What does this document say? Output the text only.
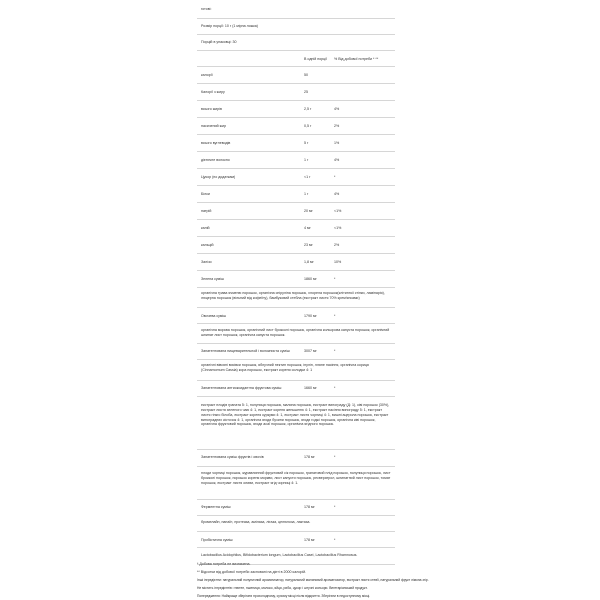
готові:
Розмір порції: 10 г (1 мірна ложка)
Порцій в упаковці: 30
В одній порції % Від добової потреби * **
калорії	50
Калорії з жиру	25
всього жирів	2,5 г	4%
насичений жир	0,5 г	2%
всього вуглеводів	5 г	1%
дієтичне волокно	1 г	4%
Цукор (по додаткам)	<1 г	*
Білки	1 г	4%
натрій	20 мг	<1%
калій	4 мг	<1%
кальцій	23 мг	2%
Залізо	1,8 мг	10%
Зелена суміш	1860 мг	*
органічна трава ячменю порошок, органічна спіруліна порошок, хлорела порошок(клітинної стінки, ламінарія), люцерна порошок (вільний від кофеїну), бамбуковий стебла (екстракт листя 70% крем'янками)
Овочева суміш	1790 мг	*
органічна морква порошок, органічний лист брокколі порошок, органічна кольорова капуста порошок, органічний шпинат лист порошок, органічна капуста порошок.
Запатентована пищеварительной і волокниста суміш	3007 мг	*
органічні вівсяні висівки порошок, яблучний пектин порошок, інулін, лляне насіння, органічна кориця (Cinnamomum Cassia) кора порошок, екстракт кореня солодки 4: 1
Запатентована антиоксидантна фруктова суміш	1660 мг	*
екстракт плодів граната 5: 1, полуниця порошок, малина порошок, екстракт винограду (Д: 1), ківі порошок (30%), екстракт листя зеленого чаю 4: 1, екстракт кореня женьшеню 4: 1, екстракт насіння винограду 5: 1, екстракт листя гінкго білоба, екстракт кореня куркуми 4: 1, екстракт листя чорниці 4: 1, вишні ацерола порошок, екстракт виноградних кісточок 4: 1, органічна ягоди бузини порошок, ягоди годжі порошок, органічна ківі порошок, органічна фруктовий порошок, ягоди асаї порошок, органічна ягідного порошок.
Запатентована суміш фруктів і овочів	178 мг	*
плоди чорниці порошок, журавлинний фруктовий сік порошок, гранатовий плід порошок, полуниця порошок, лист брокколі порошок, порошок кореня моркви, лист капусти порошок, ресвератрол, шпинатний лист порошок, томат порошок, екстракт листя оливи, екстракт ягід чорниці 4: 1.
Ферментна суміш	178 мг	*
бромелайн, папаїн, протеаза, амілаза, лігаза, целюлоза, лактаза.
Пробіотична суміш	178 мг	*
Lactobacillus Acidophilus, Bifidobacterium longum, Lactobacillus Casei, Lactobacillus Rhamnosus.
* Добова потреба не визначена.
** Відсотки від добової потреби засновані на дієті в 2000 калорій.
Інші інгредієнти: натуральний полуничний ароматизатор, натуральний малиновий ароматизатор, екстракт листя стевії, натуральний фрукт лімона згір.
Не містить інгредієнтів: глютен, пшениця, молоко, яйця, риба, цукор і штучні кольори. Вегетаріанський продукт.
Попередження: Найкраще зберігати прохолодному, сухому місці після відкриття. Зберігати в недоступному місці.
